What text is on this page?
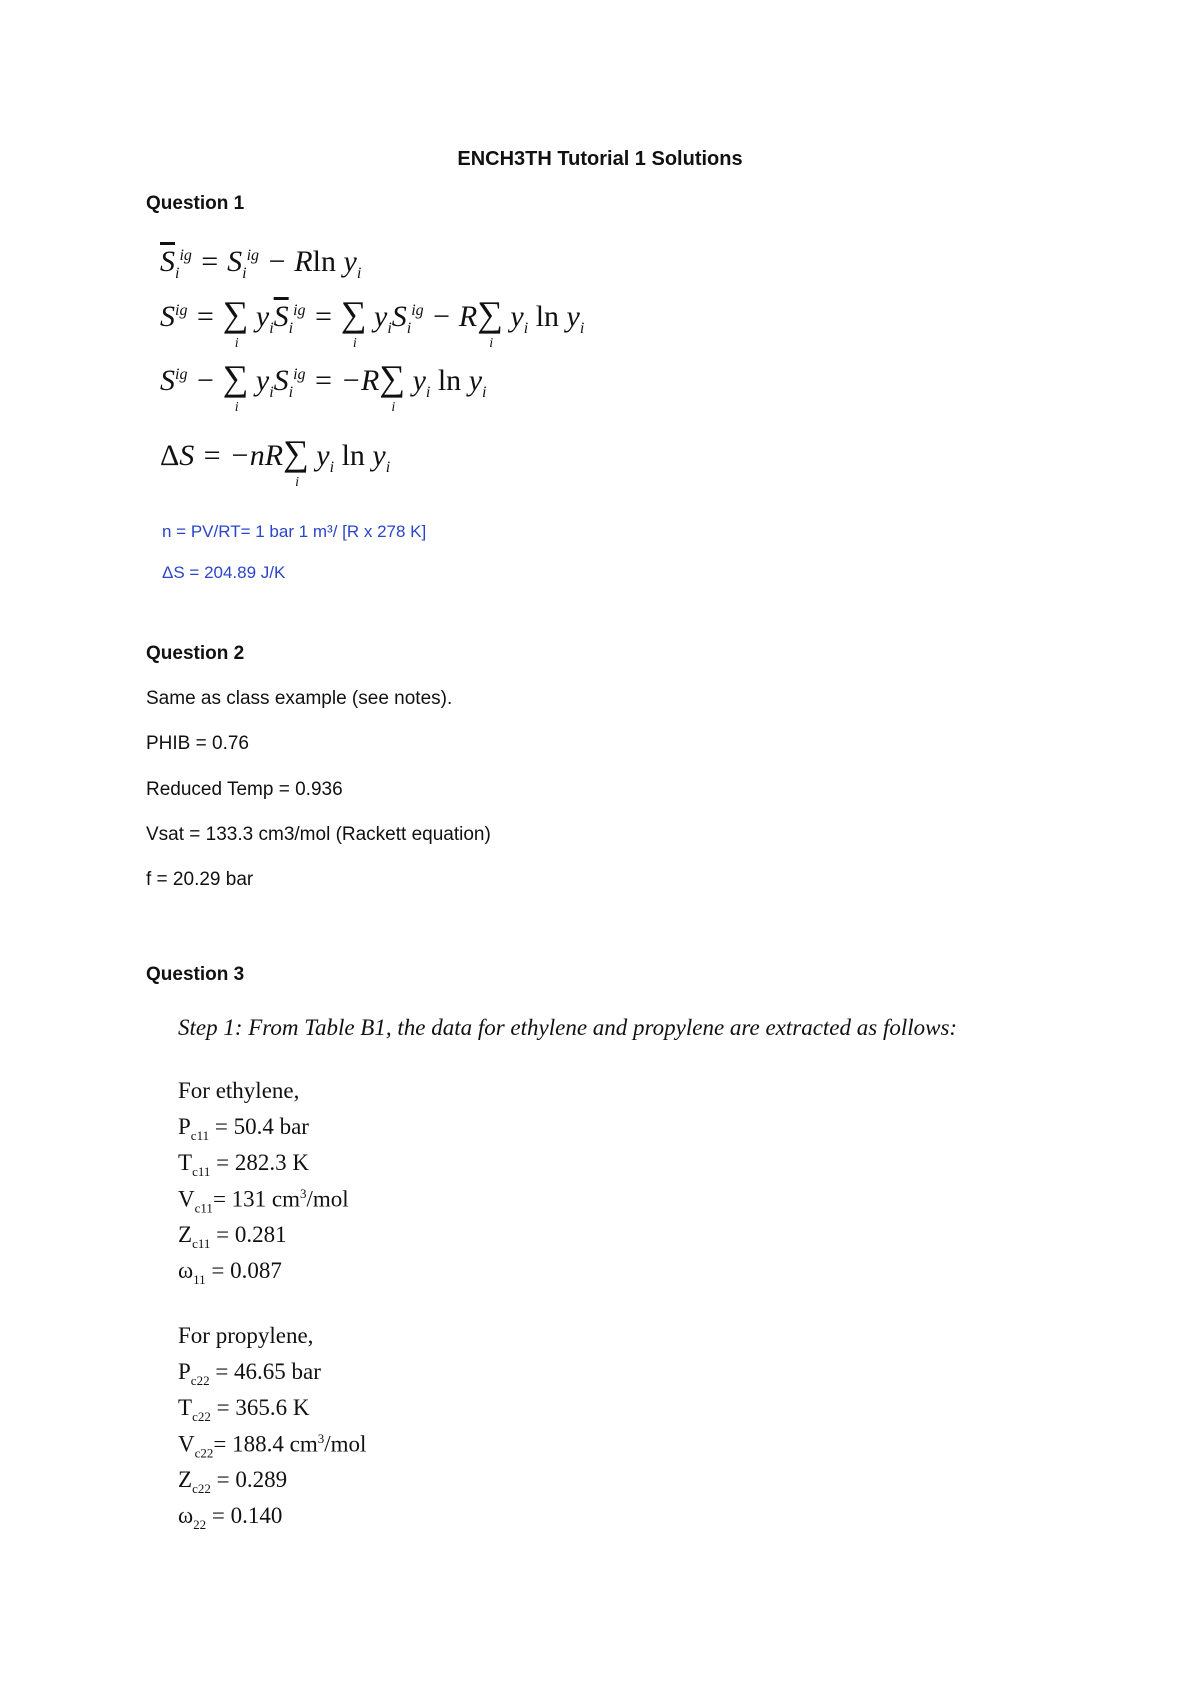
ENCH3TH Tutorial 1 Solutions
Question 1
$\overline{S}_i^{ig} = S_i^{ig} - Rln$ $y_i$
$S^{ig}$ = ∑
i
$y_i\overline{S}_i^{ig}$ = ∑
i
$y_iS_i^{ig} - R\sum$
i
$y_i$ $\ln y_i$
$S^{ig}$ − ∑
i
$y_iS_i^{ig} = -R\sum$
i
$y_i$ $\ln y_i$
ΔS = −nR∑
i
$y_i$ $\ln y_i$
n = PV/RT= 1 bar 1 m³/ [R x 278 K]
ΔS = 204.89 J/K
Question 2
Same as class example (see notes).
PHIB = 0.76
Reduced Temp = 0.936
Vsat = 133.3 cm3/mol (Rackett equation)
f = 20.29 bar
Question 3
Step 1: From Table B1, the data for ethylene and propylene are extracted as follows:
For ethylene,
$P_{c11} = 50.4$ bar
$T_{c11} = 282.3$ K
$V_{c11}= 131$ $cm^3$/mol
$Z_{c11} = 0.281$
$\omega_{11} = 0.087$
For propylene,
$P_{c22} = 46.65$ bar
$T_{c22} = 365.6$ K
$V_{c22}= 188.4$ $cm^3$/mol
$Z_{c22} = 0.289$
$\omega_{22} = 0.140$
